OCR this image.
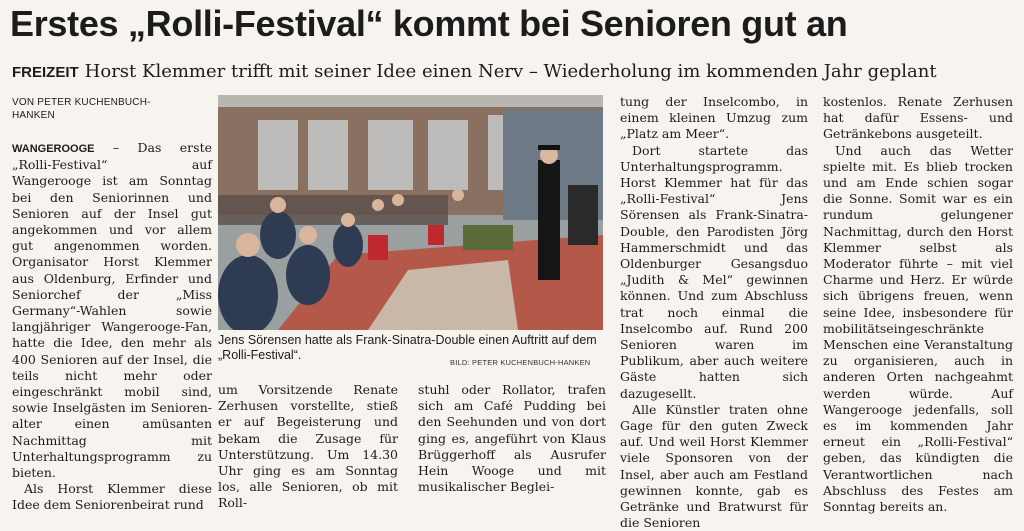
Erstes „Rolli-Festival“ kommt bei Senioren gut an
FREIZEIT Horst Klemmer trifft mit seiner Idee einen Nerv – Wiederholung im kommenden Jahr geplant
VON PETER KUCHENBUCH-
HANKEN

WANGEROOGE – Das erste „Rolli-Festival“ auf Wangerooge ist am Sonntag bei den Seniorinnen und Senioren auf der Insel gut angekommen und vor allem gut angenommen worden. Organisator Horst Klemmer aus Oldenburg, Erfinder und Seniorchef der „Miss Germany“-Wahlen sowie langjähriger Wangerooge-Fan, hatte die Idee, den mehr als 400 Senioren auf der Insel, die teils nicht mehr oder eingeschränkt mobil sind, sowie Inselgästen im Seniorenalter einen amüsanten Nachmittag mit Unterhaltungsprogramm zu bieten.

Als Horst Klemmer diese Idee dem Seniorenbeirat rund

Jens Sörensen hatte als Frank-Sinatra-Double einen Auftritt auf dem „Rolli-Festival“.
BILD: PETER KUCHENBUCH-HANKEN

um Vorsitzende Renate Zerhusen vorstellte, stieß er auf Begeisterung und bekam die Zusage für Unterstützung. Um 14.30 Uhr ging es am Sonntag los, alle Senioren, ob mit Roll-

stuhl oder Rollator, trafen sich am Café Pudding bei den Seehunden und von dort ging es, angeführt von Klaus Brüggerhoff als Ausrufer Hein Wooge und mit musikalischer Beglei-

tung der Inselcombo, in einem kleinen Umzug zum „Platz am Meer“.

Dort startete das Unterhaltungsprogramm. Horst Klemmer hat für das „Rolli-Festival“ Jens Sörensen als Frank-Sinatra-Double, den Parodisten Jörg Hammerschmidt und das Oldenburger Gesangsduo „Judith & Mel“ gewinnen können. Und zum Abschluss trat noch einmal die Inselcombo auf. Rund 200 Senioren waren im Publikum, aber auch weitere Gäste hatten sich dazugesellt.

Alle Künstler traten ohne Gage für den guten Zweck auf. Und weil Horst Klemmer viele Sponsoren von der Insel, aber auch am Festland gewinnen konnte, gab es Getränke und Bratwurst für die Senioren

kostenlos. Renate Zerhusen hat dafür Essens- und Getränkebons ausgeteilt.

Und auch das Wetter spielte mit. Es blieb trocken und am Ende schien sogar die Sonne. Somit war es ein rundum gelungener Nachmittag, durch den Horst Klemmer selbst als Moderator führte – mit viel Charme und Herz. Er würde sich übrigens freuen, wenn seine Idee, insbesondere für mobilitätseingeschränkte Menschen eine Veranstaltung zu organisieren, auch in anderen Orten nachgeahmt werden würde. Auf Wangerooge jedenfalls, soll es im kommenden Jahr erneut ein „Rolli-Festival“ geben, das kündigten die Verantwortlichen nach Abschluss des Festes am Sonntag bereits an.
